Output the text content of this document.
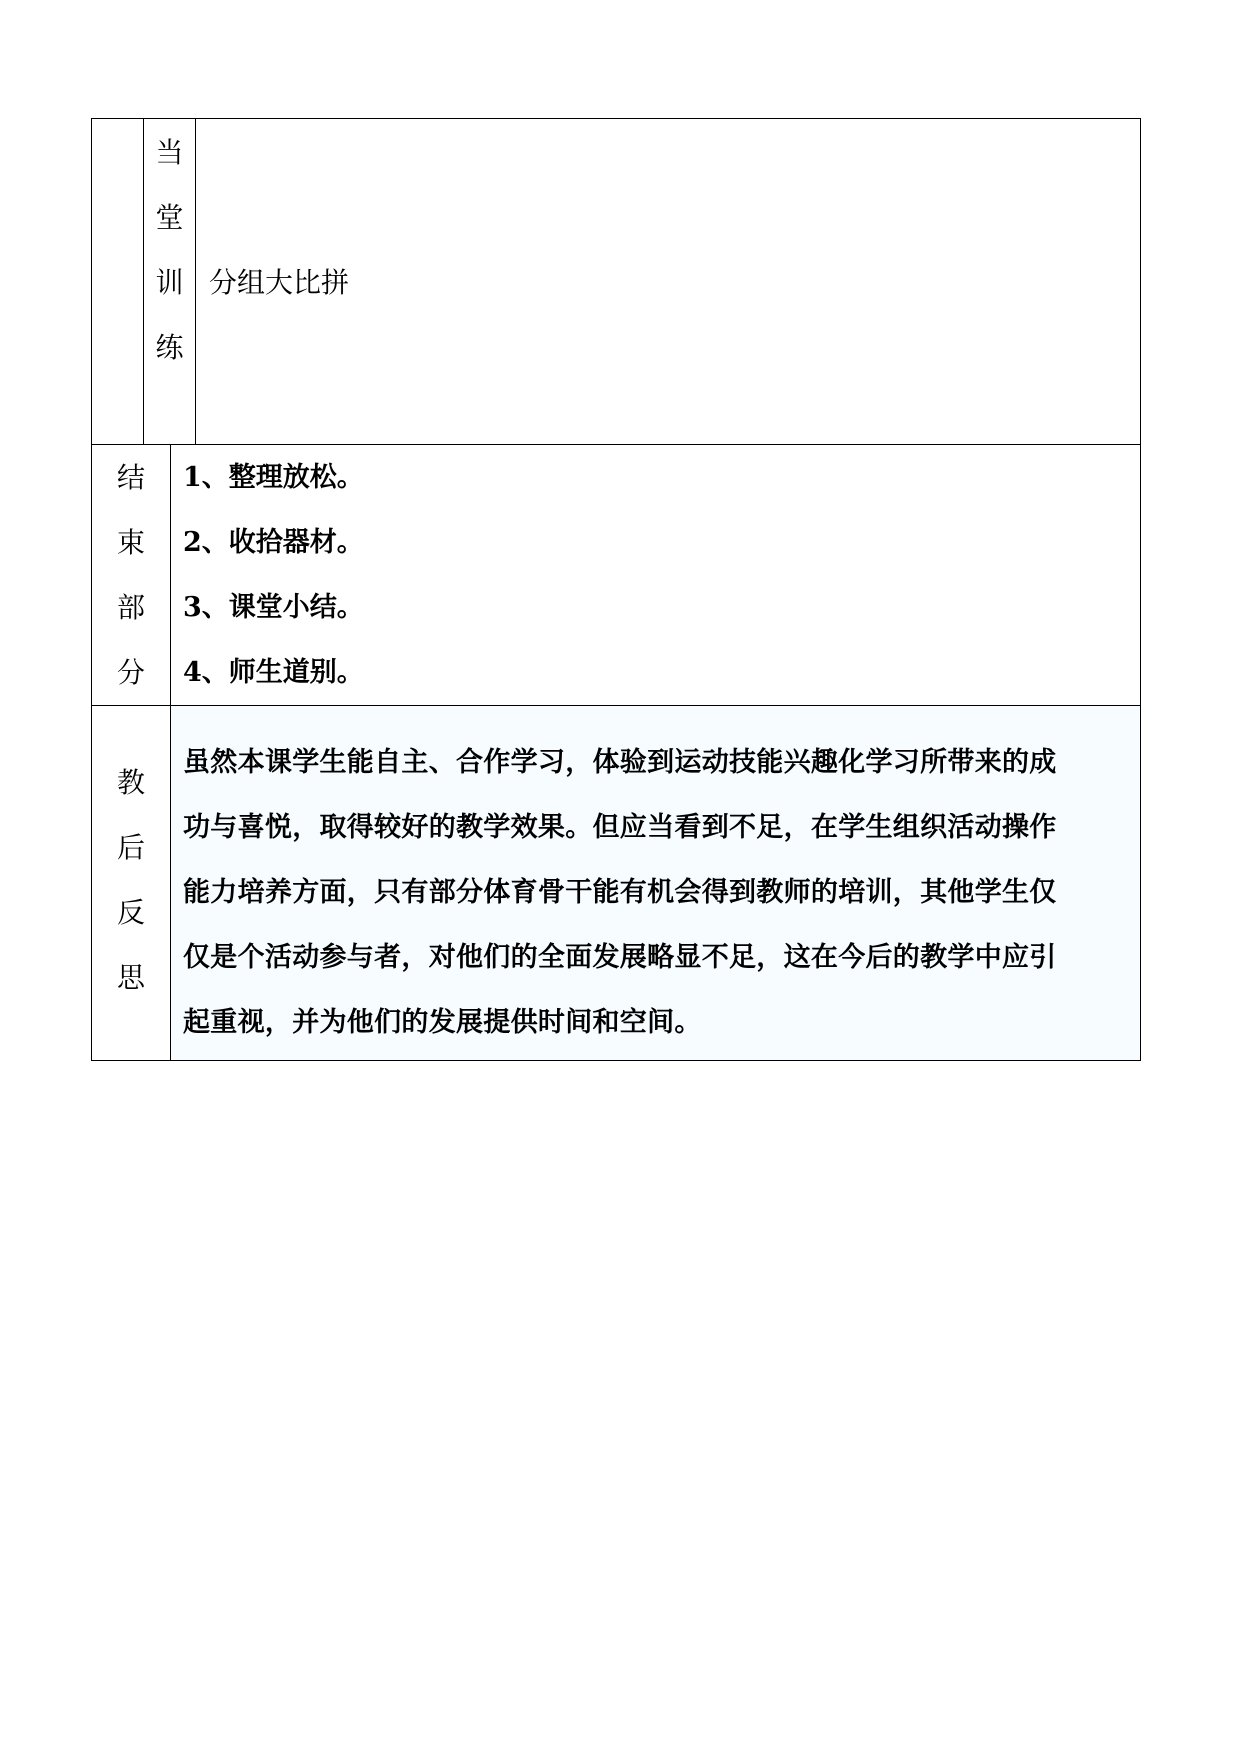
当
堂
训
练
分组大比拼
结
束
部
分
1、整理放松。
2、收拾器材。
3、课堂小结。
4、师生道别。
教
后
反
思
虽然本课学生能自主、合作学习，体验到运动技能兴趣化学习所带来的成
功与喜悦，取得较好的教学效果。但应当看到不足，在学生组织活动操作
能力培养方面，只有部分体育骨干能有机会得到教师的培训，其他学生仅
仅是个活动参与者，对他们的全面发展略显不足，这在今后的教学中应引
起重视，并为他们的发展提供时间和空间。
